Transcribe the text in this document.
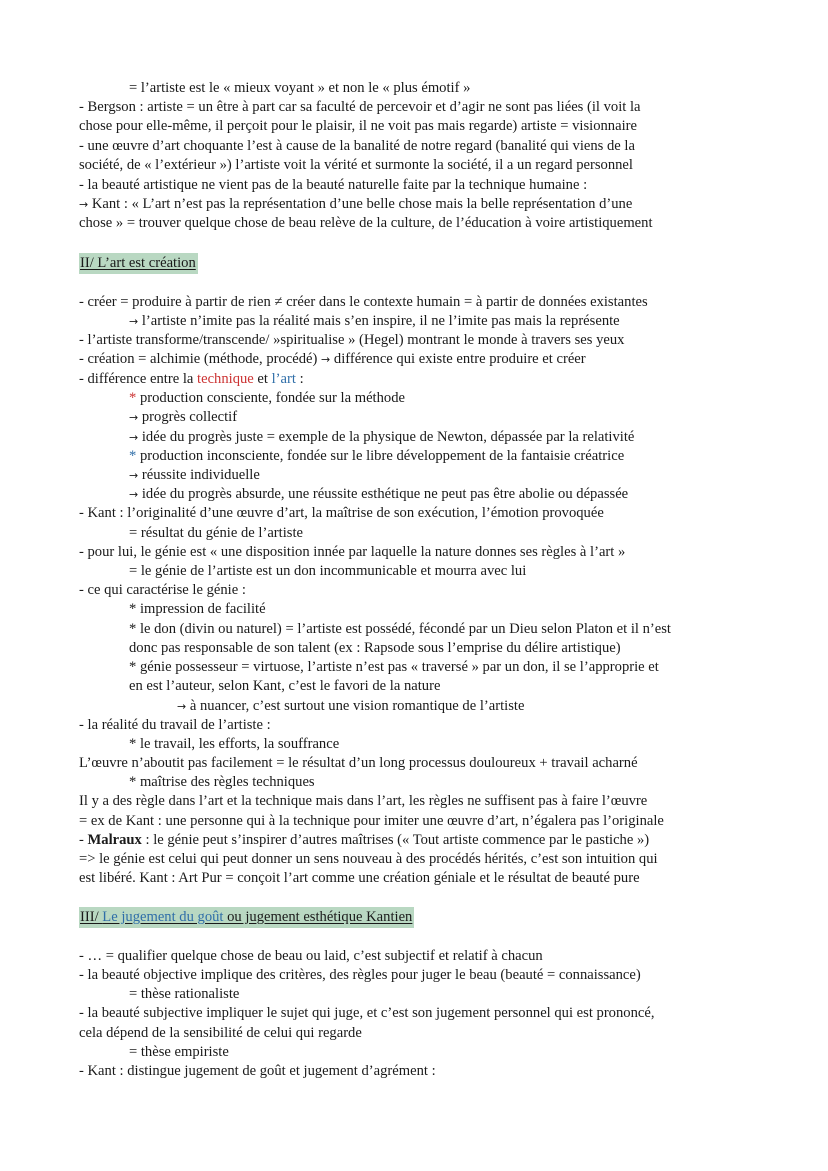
= l’artiste est le « mieux voyant » et non le « plus émotif »
- Bergson : artiste = un être à part car sa faculté de percevoir et d’agir ne sont pas liées (il voit la
chose pour elle-même, il perçoit pour le plaisir, il ne voit pas mais regarde) artiste = visionnaire
- une œuvre d’art choquante l’est à cause de la banalité de notre regard (banalité qui viens de la
société, de « l’extérieur ») l’artiste voit la vérité et surmonte la société, il a un regard personnel
- la beauté artistique ne vient pas de la beauté naturelle faite par la technique humaine :
→ Kant : « L’art n’est pas la représentation d’une belle chose mais la belle représentation d’une
chose » = trouver quelque chose de beau relève de la culture, de l’éducation à voire artistiquement
II/ L’art est création
- créer = produire à partir de rien ≠ créer dans le contexte humain = à partir de données existantes
→ l’artiste n’imite pas la réalité mais s’en inspire, il ne l’imite pas mais la représente
- l’artiste transforme/transcende/ »spiritualise » (Hegel) montrant le monde à travers ses yeux
- création = alchimie (méthode, procédé) → différence qui existe entre produire et créer
- différence entre la technique et l’art :
* production consciente, fondée sur la méthode
→ progrès collectif
→ idée du progrès juste = exemple de la physique de Newton, dépassée par la relativité
* production inconsciente, fondée sur le libre développement de la fantaisie créatrice
→ réussite individuelle
→ idée du progrès absurde, une réussite esthétique ne peut pas être abolie ou dépassée
- Kant : l’originalité d’une œuvre d’art, la maîtrise de son exécution, l’émotion provoquée
= résultat du génie de l’artiste
- pour lui, le génie est « une disposition innée par laquelle la nature donnes ses règles à l’art »
= le génie de l’artiste est un don incommunicable et mourra avec lui
- ce qui caractérise le génie :
* impression de facilité
* le don (divin ou naturel) = l’artiste est possédé, fécondé par un Dieu selon Platon et il n’est
donc pas responsable de son talent (ex : Rapsode sous l’emprise du délire artistique)
* génie possesseur = virtuose, l’artiste n’est pas « traversé » par un don, il se l’approprie et
en est l’auteur, selon Kant, c’est le favori de la nature
→ à nuancer, c’est surtout une vision romantique de l’artiste
- la réalité du travail de l’artiste :
* le travail, les efforts, la souffrance
L’œuvre n’aboutit pas facilement = le résultat d’un long processus douloureux + travail acharné
* maîtrise des règles techniques
Il y a des règle dans l’art et la technique mais dans l’art, les règles ne suffisent pas à faire l’œuvre
= ex de Kant : une personne qui à la technique pour imiter une œuvre d’art, n’égalera pas l’originale
- Malraux : le génie peut s’inspirer d’autres maîtrises (« Tout artiste commence par le pastiche »)
=> le génie est celui qui peut donner un sens nouveau à des procédés hérités, c’est son intuition qui
est libéré. Kant : Art Pur = conçoit l’art comme une création géniale et le résultat de beauté pure
III/ Le jugement du goût ou jugement esthétique Kantien
- … = qualifier quelque chose de beau ou laid, c’est subjectif et relatif à chacun
- la beauté objective implique des critères, des règles pour juger le beau (beauté = connaissance)
= thèse rationaliste
- la beauté subjective impliquer le sujet qui juge, et c’est son jugement personnel qui est prononcé,
cela dépend de la sensibilité de celui qui regarde
= thèse empiriste
- Kant : distingue jugement de goût et jugement d’agrément :
